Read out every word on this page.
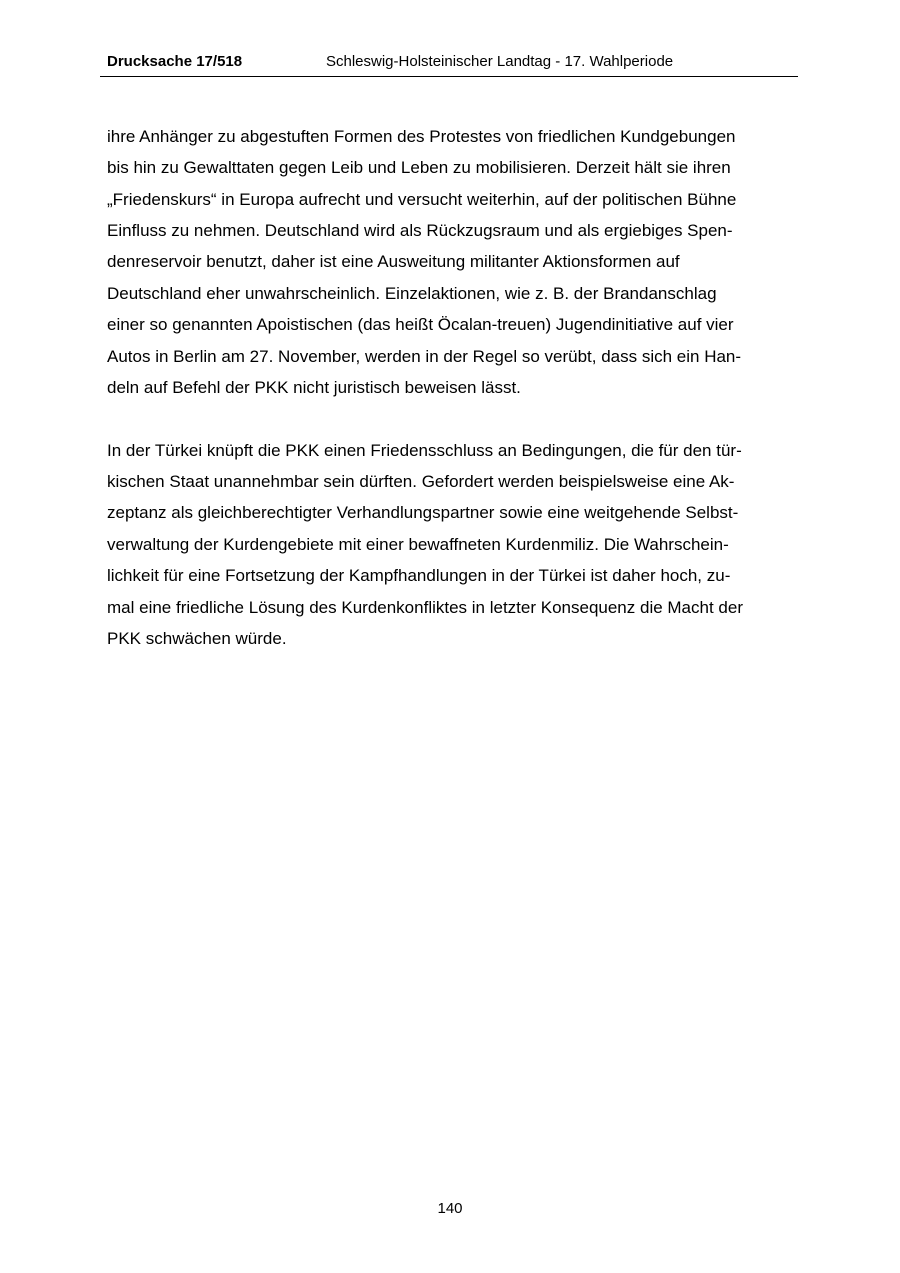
Drucksache 17/518	Schleswig-Holsteinischer Landtag - 17. Wahlperiode
ihre Anhänger zu abgestuften Formen des Protestes von friedlichen Kundgebungen
bis hin zu Gewalttaten gegen Leib und Leben zu mobilisieren. Derzeit hält sie ihren
„Friedenskurs“ in Europa aufrecht und versucht weiterhin, auf der politischen Bühne
Einfluss zu nehmen. Deutschland wird als Rückzugsraum und als ergiebiges Spen-
denreservoir benutzt, daher ist eine Ausweitung militanter Aktionsformen auf
Deutschland eher unwahrscheinlich. Einzelaktionen, wie z. B. der Brandanschlag
einer so genannten Apoistischen (das heißt Öcalan-treuen) Jugendinitiative auf vier
Autos in Berlin am 27. November, werden in der Regel so verübt, dass sich ein Han-
deln auf Befehl der PKK nicht juristisch beweisen lässt.
In der Türkei knüpft die PKK einen Friedensschluss an Bedingungen, die für den tür-
kischen Staat unannehmbar sein dürften. Gefordert werden beispielsweise eine Ak-
zeptanz als gleichberechtigter Verhandlungspartner sowie eine weitgehende Selbst-
verwaltung der Kurdengebiete mit einer bewaffneten Kurdenmiliz. Die Wahrschein-
lichkeit für eine Fortsetzung der Kampfhandlungen in der Türkei ist daher hoch, zu-
mal eine friedliche Lösung des Kurdenkonfliktes in letzter Konsequenz die Macht der
PKK schwächen würde.
140
